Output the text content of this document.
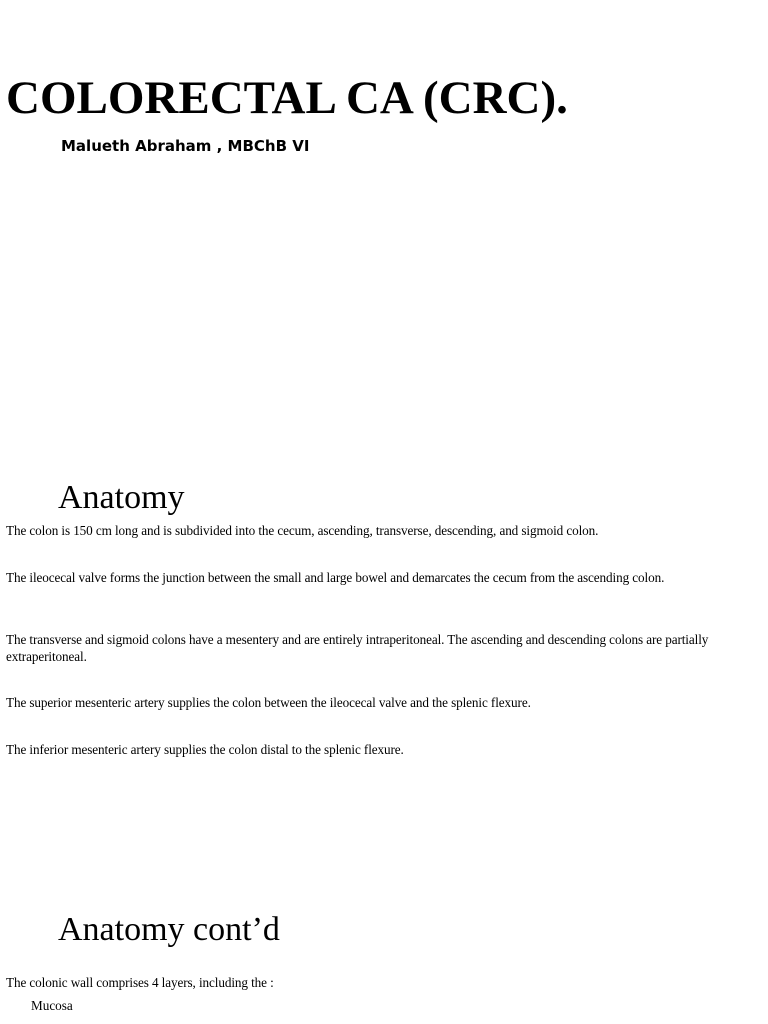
COLORECTAL CA (CRC).
Malueth Abraham , MBChB VI
Anatomy

The colon is 150 cm long and is subdivided into the cecum, ascending, transverse, descending, and sigmoid colon.

The ileocecal valve forms the junction between the small and large bowel and demarcates the cecum from the ascending colon.

The transverse and sigmoid colons have a mesentery and are entirely intraperitoneal. The ascending and descending colons are partially extraperitoneal.

The superior mesenteric artery supplies the colon between the ileocecal valve and the splenic flexure.

The inferior mesenteric artery supplies the colon distal to the splenic flexure.

Anatomy cont’d

The colonic wall comprises 4 layers, including the :

Mucosa
